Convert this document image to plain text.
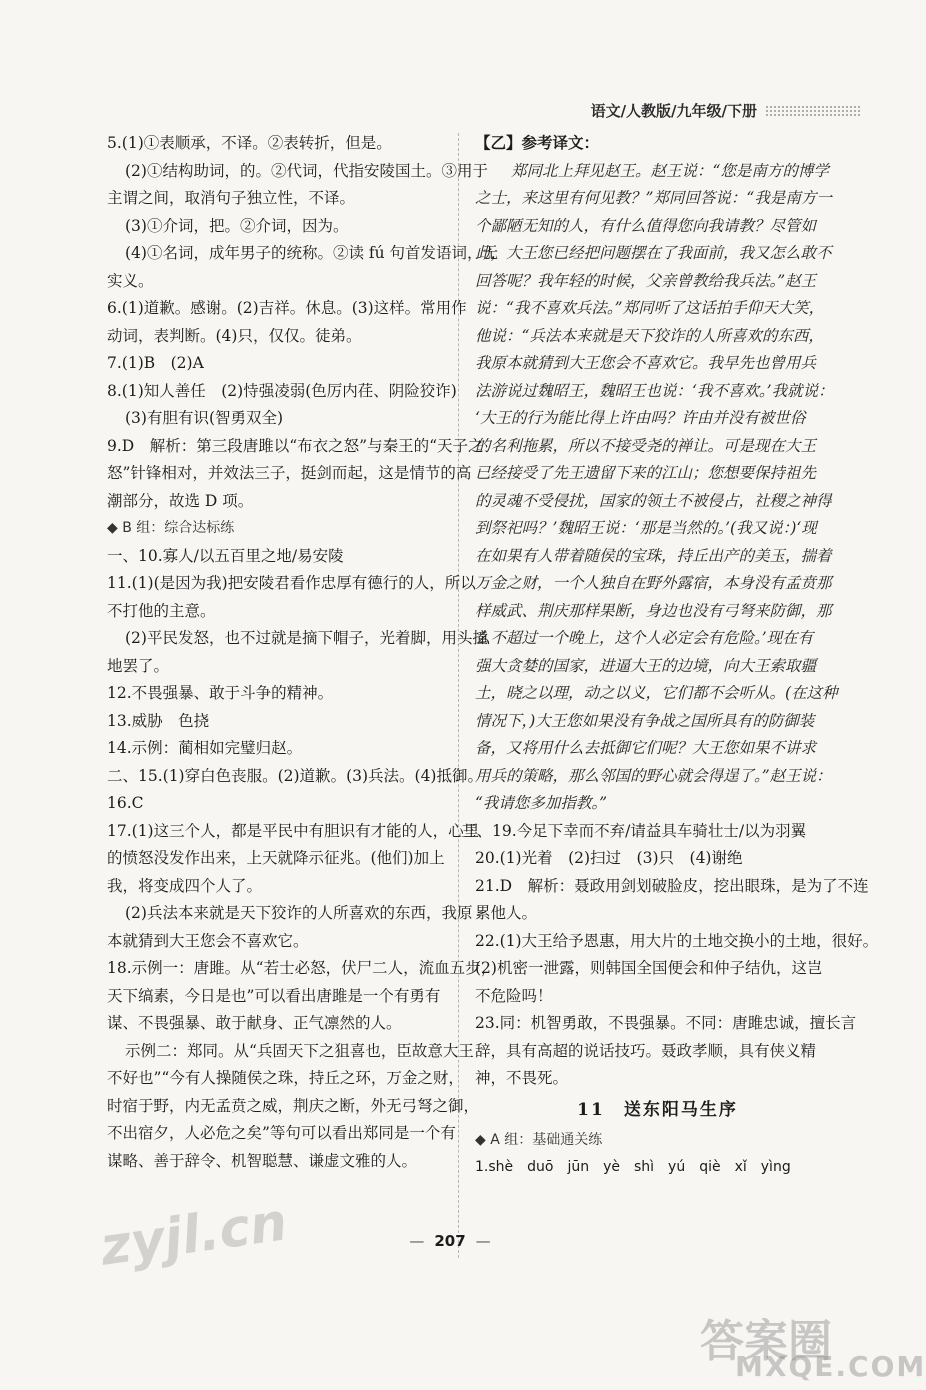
语文/人教版/九年级/下册
5.(1)①表顺承，不译。②表转折，但是。
(2)①结构助词，的。②代词，代指安陵国土。③用于
主谓之间，取消句子独立性，不译。
(3)①介词，把。②介词，因为。
(4)①名词，成年男子的统称。②读 fú 句首发语词，无
实义。
6.(1)道歉。感谢。(2)吉祥。休息。(3)这样。常用作
动词，表判断。(4)只，仅仅。徒弟。
7.(1)B　(2)A
8.(1)知人善任　(2)恃强凌弱(色厉内荏、阴险狡诈)
(3)有胆有识(智勇双全)
9.D　解析：第三段唐雎以“布衣之怒”与秦王的“天子之
怒”针锋相对，并效法三子，挺剑而起，这是情节的高
潮部分，故选 D 项。
◆ B 组：综合达标练
一、10.寡人/以五百里之地/易安陵
11.(1)(是因为我)把安陵君看作忠厚有德行的人，所以
不打他的主意。
(2)平民发怒，也不过就是摘下帽子，光着脚，用头撞
地罢了。
12.不畏强暴、敢于斗争的精神。
13.威胁　色挠
14.示例：蔺相如完璧归赵。
二、15.(1)穿白色丧服。(2)道歉。(3)兵法。(4)抵御。
16.C
17.(1)这三个人，都是平民中有胆识有才能的人，心里
的愤怒没发作出来，上天就降示征兆。(他们)加上
我，将变成四个人了。
(2)兵法本来就是天下狡诈的人所喜欢的东西，我原
本就猜到大王您会不喜欢它。
18.示例一：唐雎。从“若士必怒，伏尸二人，流血五步，
天下缟素，今日是也”可以看出唐雎是一个有勇有
谋、不畏强暴、敢于献身、正气凛然的人。
示例二：郑同。从“兵固天下之狙喜也，臣故意大王
不好也”“今有人操随侯之珠，持丘之环，万金之财，
时宿于野，内无孟贲之威，荆庆之断，外无弓弩之御，
不出宿夕，人必危之矣”等句可以看出郑同是一个有
谋略、善于辞令、机智聪慧、谦虚文雅的人。
【乙】参考译文：
郑同北上拜见赵王。赵王说：“您是南方的博学
之士，来这里有何见教？”郑同回答说：“我是南方一
个鄙陋无知的人，有什么值得您向我请教？尽管如
此，大王您已经把问题摆在了我面前，我又怎么敢不
回答呢？我年轻的时候，父亲曾教给我兵法。”赵王
说：“我不喜欢兵法。”郑同听了这话拍手仰天大笑，
他说：“兵法本来就是天下狡诈的人所喜欢的东西，
我原本就猜到大王您会不喜欢它。我早先也曾用兵
法游说过魏昭王，魏昭王也说：‘我不喜欢。’我就说：
‘大王的行为能比得上许由吗？许由并没有被世俗
的名利拖累，所以不接受尧的禅让。可是现在大王
已经接受了先王遗留下来的江山；您想要保持祖先
的灵魂不受侵扰，国家的领土不被侵占，社稷之神得
到祭祀吗？’魏昭王说：‘那是当然的。’(我又说：)‘现
在如果有人带着随侯的宝珠，持丘出产的美玉，揣着
万金之财，一个人独自在野外露宿，本身没有孟贲那
样威武、荆庆那样果断，身边也没有弓弩来防御，那
么不超过一个晚上，这个人必定会有危险。’现在有
强大贪婪的国家，进逼大王的边境，向大王索取疆
土，晓之以理，动之以义，它们都不会听从。(在这种
情况下，)大王您如果没有争战之国所具有的防御装
备，又将用什么去抵御它们呢？大王您如果不讲求
用兵的策略，那么邻国的野心就会得逞了。”赵王说：
“我请您多加指教。”
三、19.今足下幸而不弃/请益具车骑壮士/以为羽翼
20.(1)光着　(2)扫过　(3)只　(4)谢绝
21.D　解析：聂政用剑划破脸皮，挖出眼珠，是为了不连
累他人。
22.(1)大王给予恩惠，用大片的土地交换小的土地，很好。
(2)机密一泄露，则韩国全国便会和仲子结仇，这岂
不危险吗！
23.同：机智勇敢，不畏强暴。不同：唐雎忠诚，擅长言
辞，具有高超的说话技巧。聂政孝顺，具有侠义精
神，不畏死。
11　送东阳马生序
◆ A 组：基础通关练
1.shè　duō　jūn　yè　shì　yú　qiè　xǐ　yìng
— 207 —
zyjl.cn
答案圈
MXQE.COM
